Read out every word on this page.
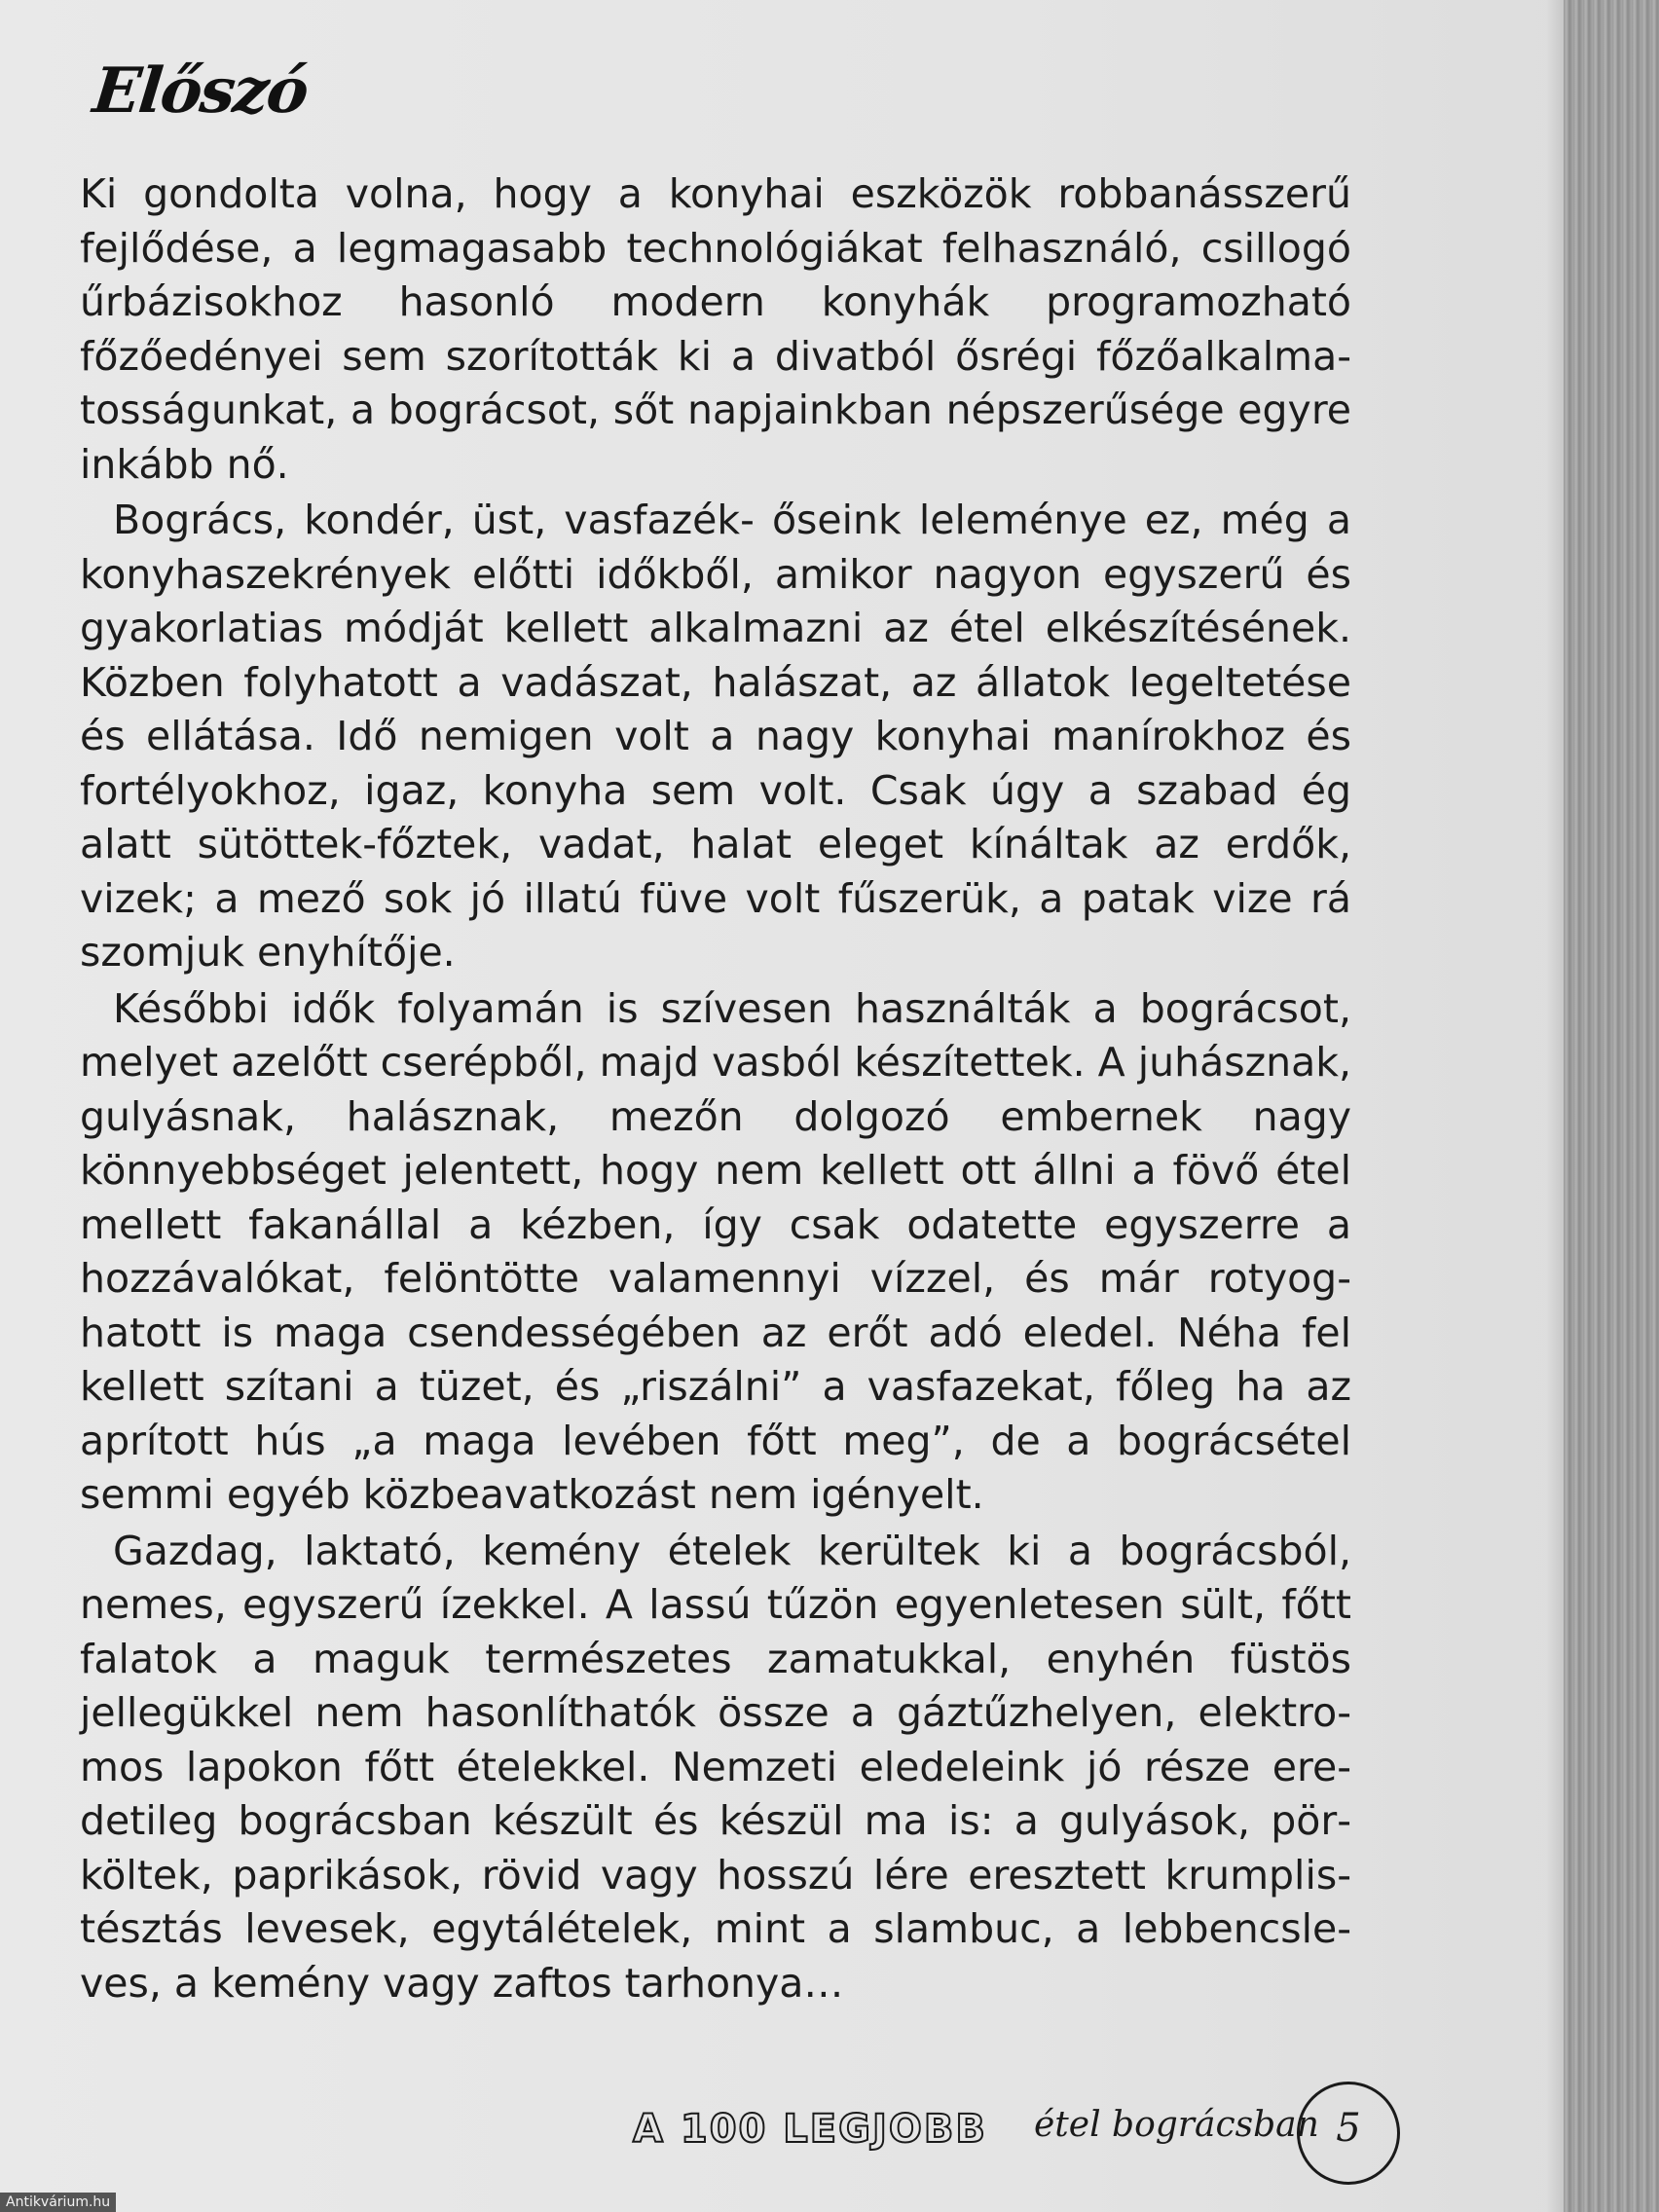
Előszó

Ki gondolta volna, hogy a konyhai eszközök robbanásszerű fejlődése, a legmagasabb technológiákat felhasználó, csillogó űrbázisokhoz hasonló modern konyhák programozható főzőedényei sem szorították ki a divatból ősrégi főzőalkalmatosságunkat, a bográcsot, sőt napjainkban népszerűsége egyre inkább nő.

Bogrács, kondér, üst, vasfazék- őseink leleménye ez, még a konyhaszekrények előtti időkből, amikor nagyon egyszerű és gyakorlatias módját kellett alkalmazni az étel elkészítésének. Közben folyhatott a vadászat, halászat, az állatok legeltetése és ellátása. Idő nemigen volt a nagy konyhai manírokhoz és fortélyokhoz, igaz, konyha sem volt. Csak úgy a szabad ég alatt sütöttek-főztek, vadat, halat eleget kínáltak az erdők, vizek; a mező sok jó illatú füve volt fűszerük, a patak vize rá szomjuk enyhítője.

Későbbi idők folyamán is szívesen használták a bográcsot, melyet azelőtt cserépből, majd vasból készítettek. A juhásznak, gulyásnak, halásznak, mezőn dolgozó embernek nagy könnyebbséget jelentett, hogy nem kellett ott állni a fövő étel mellett fakanállal a kézben, így csak odatette egyszerre a hozzávalókat, felöntötte valamennyi vízzel, és már rotyoghatott is maga csendességében az erőt adó eledel. Néha fel kellett szítani a tüzet, és „riszálni” a vasfazekat, főleg ha az aprított hús „a maga levében főtt meg”, de a bográcsétel semmi egyéb közbeavatkozást nem igényelt.

Gazdag, laktató, kemény ételek kerültek ki a bográcsból, nemes, egyszerű ízekkel. A lassú tűzön egyenletesen sült, főtt falatok a maguk természetes zamatukkal, enyhén füstös jellegükkel nem hasonlíthatók össze a gáztűzhelyen, elektromos lapokon főtt ételekkel. Nemzeti eledeleink jó része eredetileg bográcsban készült és készül ma is: a gulyások, pörköltek, paprikások, rövid vagy hosszú lére eresztett krumplistésztás levesek, egytálételek, mint a slambuc, a lebbencsleves, a kemény vagy zaftos tarhonya…

A 100 LEGJOBB étel bográcsban 5
Antikvárium.hu
